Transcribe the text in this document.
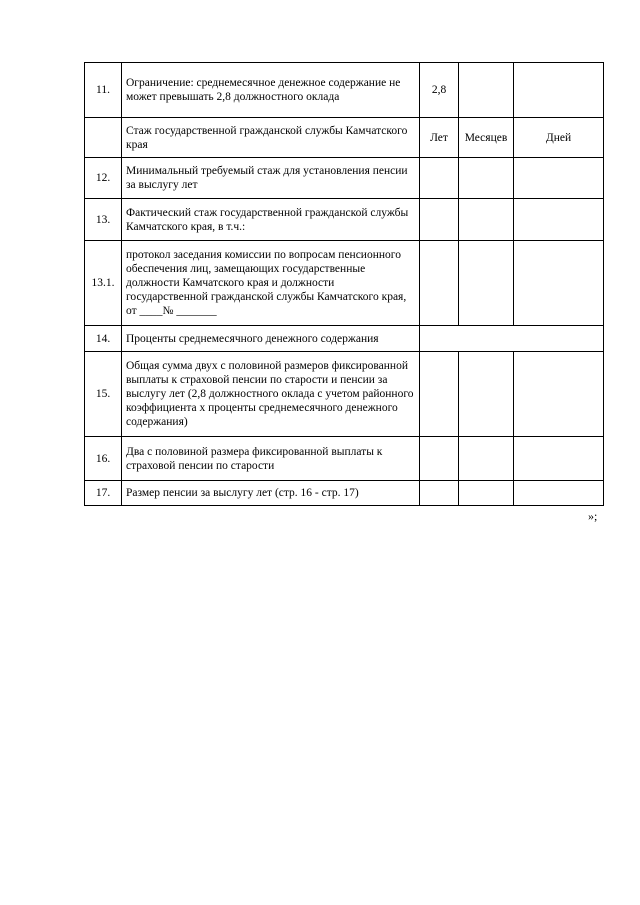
11.	Ограничение: среднемесячное денежное содержание не может превышать 2,8 должностного оклада	2,8		
	Стаж государственной гражданской службы Камчатского края	Лет	Месяцев	Дней
12.	Минимальный требуемый стаж для установления пенсии за выслугу лет			
13.	Фактический стаж государственной гражданской службы Камчатского края, в т.ч.:			
13.1.	протокол заседания комиссии по вопросам пенсионного обеспечения лиц, замещающих государственные должности Камчатского края и должности государственной гражданской службы Камчатского края, от ____№ _______			
14.	Проценты среднемесячного денежного содержания			
15.	Общая сумма двух с половиной размеров фиксированной выплаты к страховой пенсии по старости и пенсии за выслугу лет (2,8 должностного оклада с учетом районного коэффициента х проценты среднемесячного денежного содержания)			
16.	Два с половиной размера фиксированной выплаты к страховой пенсии по старости			
17.	Размер пенсии за выслугу лет (стр. 16 - стр. 17)			
»;
